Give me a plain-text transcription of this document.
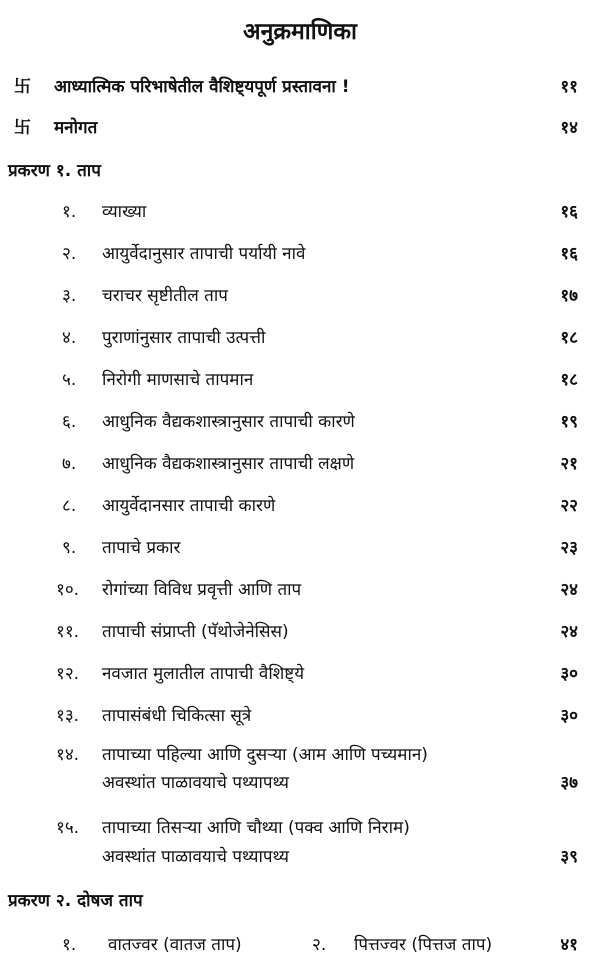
अनुक्रमाणिका
卐 आध्यात्मिक परिभाषेतील वैशिष्ट्यपूर्ण प्रस्तावना !	११
卐 मनोगत	१४
प्रकरण १. ताप
१. व्याख्या	१६
२. आयुर्वेदानुसार तापाची पर्यायी नावे	१६
३. चराचर सृष्टीतील ताप	१७
४. पुराणांनुसार तापाची उत्पत्ती	१८
५. निरोगी माणसाचे तापमान	१८
६. आधुनिक वैद्यकशास्त्रानुसार तापाची कारणे	१९
७. आधुनिक वैद्यकशास्त्रानुसार तापाची लक्षणे	२१
८. आयुर्वेदानसार तापाची कारणे	२२
९. तापाचे प्रकार	२३
१०. रोगांच्या विविध प्रवृत्ती आणि ताप	२४
११. तापाची संप्राप्ती (पॅथोजेनेसिस)	२४
१२. नवजात मुलातील तापाची वैशिष्ट्ये	३०
१३. तापासंबंधी चिकित्सा सूत्रे	३०
१४. तापाच्या पहिल्या आणि दुसऱ्या (आम आणि पच्यमान)
अवस्थांत पाळावयाचे पथ्यापथ्य	३७
१५. तापाच्या तिसऱ्या आणि चौथ्या (पक्व आणि निराम)
अवस्थांत पाळावयाचे पथ्यापथ्य	३९
प्रकरण २. दोषज ताप
१. वातज्वर (वातज ताप)	२. पित्तज्वर (पित्तज ताप)	४१
